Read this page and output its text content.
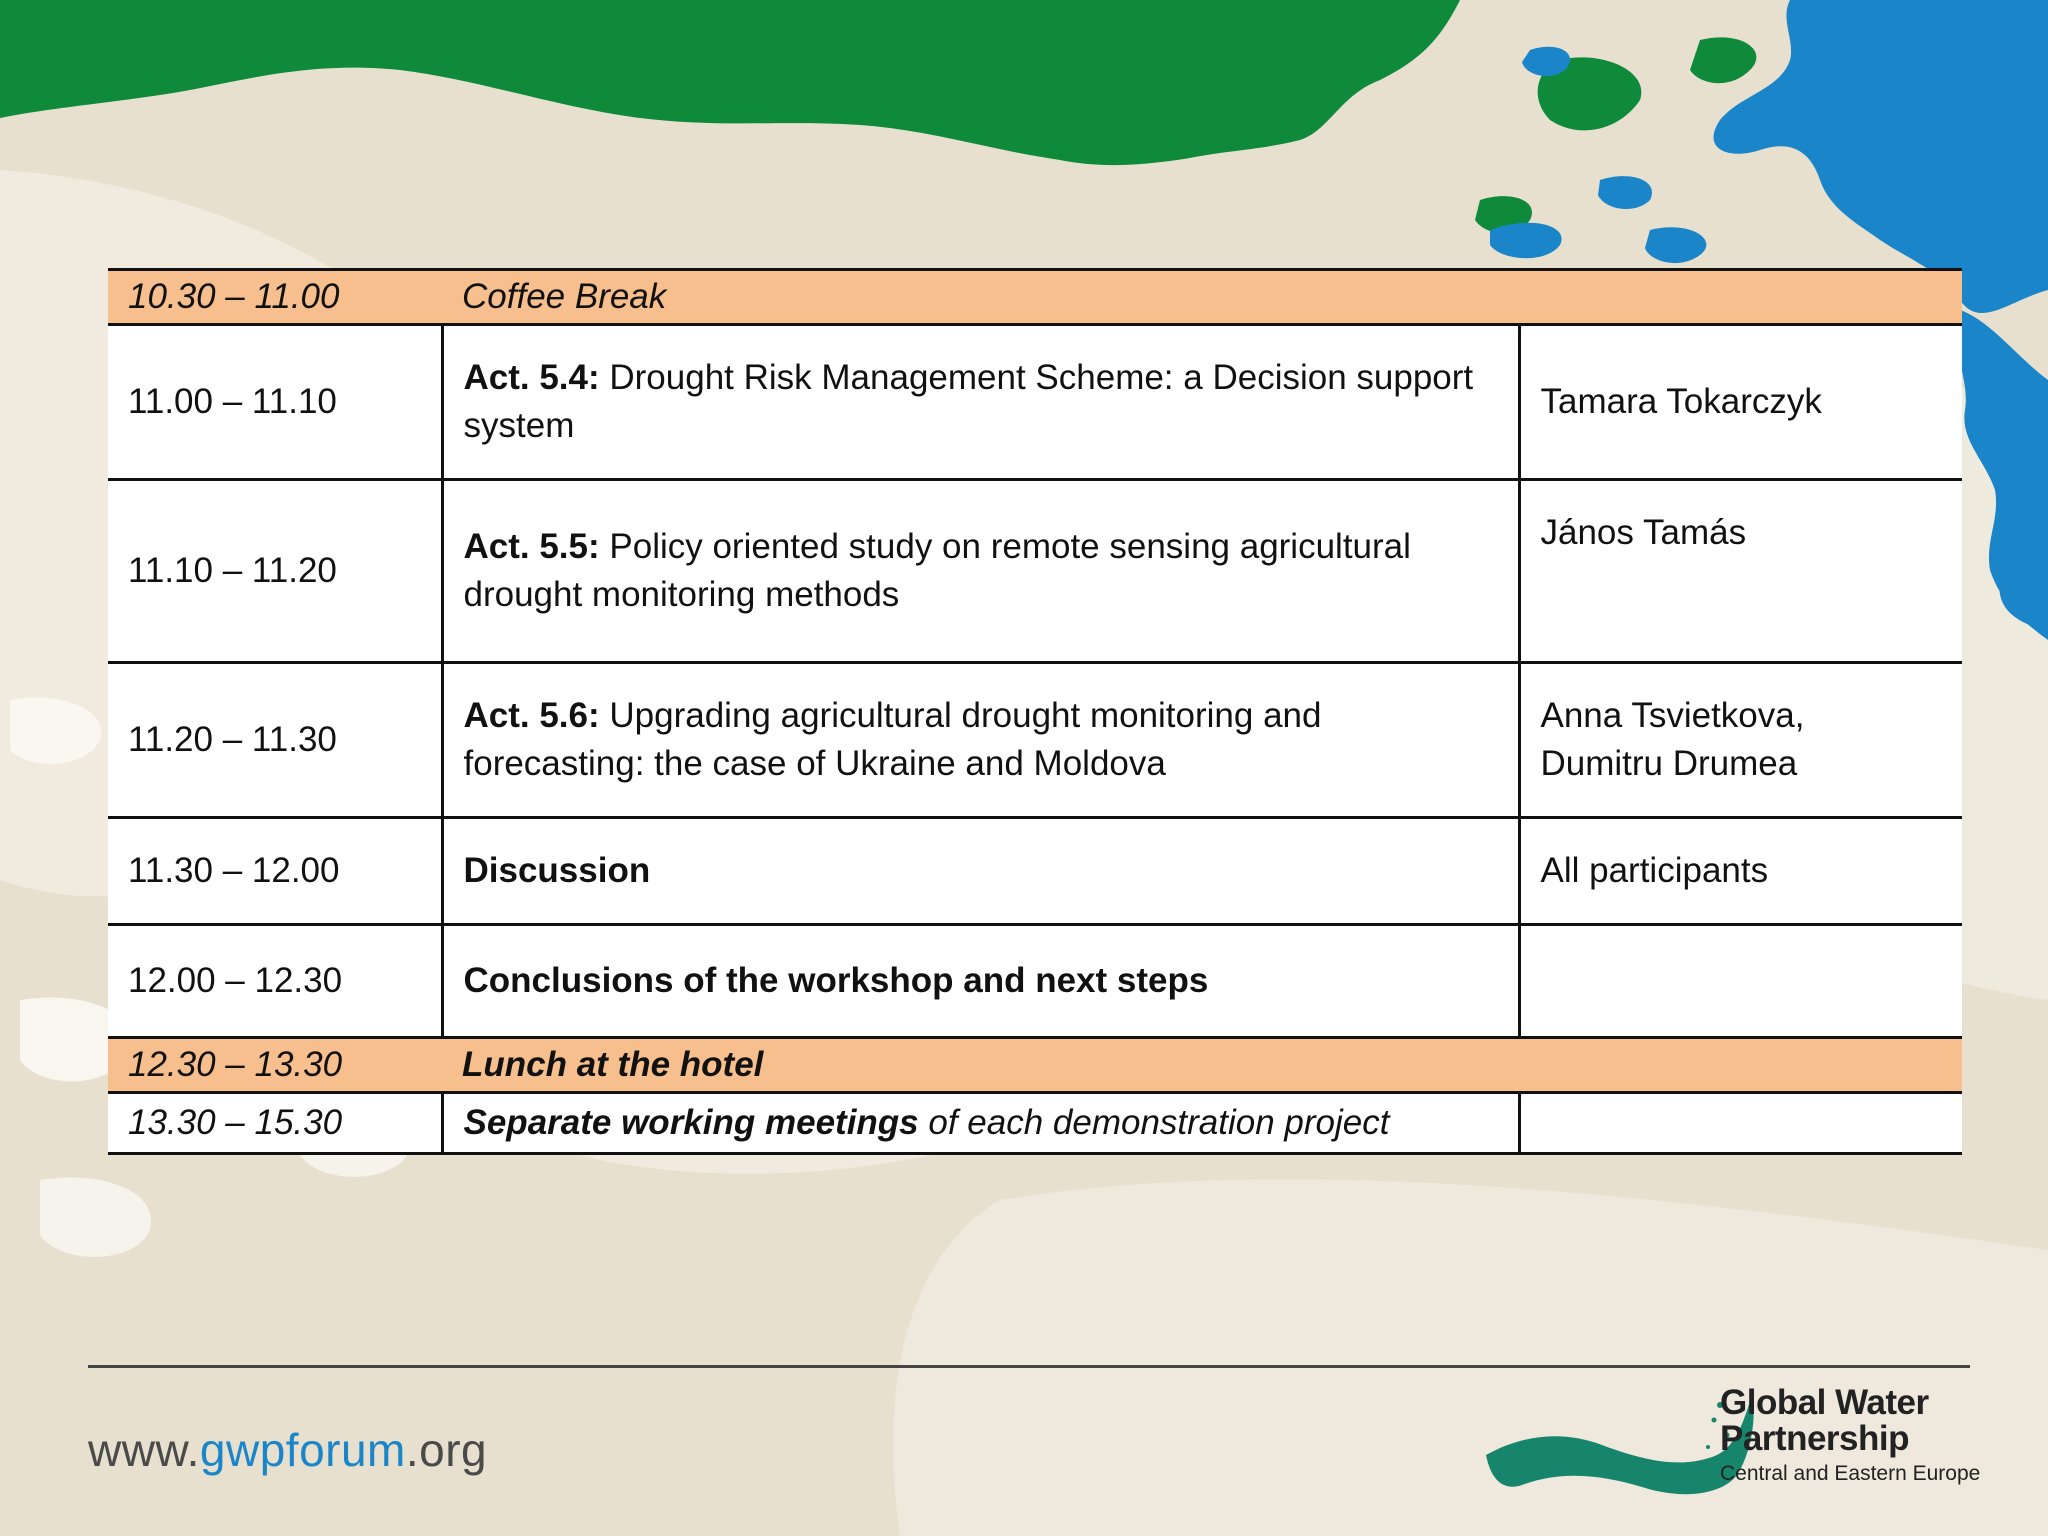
10.30 – 11.00	Coffee Break	
11.00 – 11.10	Act. 5.4: Drought Risk Management Scheme: a Decision support system	Tamara Tokarczyk
11.10 – 11.20	Act. 5.5: Policy oriented study on remote sensing agricultural drought monitoring methods	János Tamás
11.20 – 11.30	Act. 5.6: Upgrading agricultural drought monitoring and forecasting: the case of Ukraine and Moldova	Anna Tsvietkova,
Dumitru Drumea
11.30 – 12.00	Discussion	All participants
12.00 – 12.30	Conclusions of the workshop and next steps	
12.30 – 13.30	Lunch at the hotel	
13.30 – 15.30	Separate working meetings of each demonstration project	
www.gwpforum.org
Global Water
Partnership
Central and Eastern Europe
